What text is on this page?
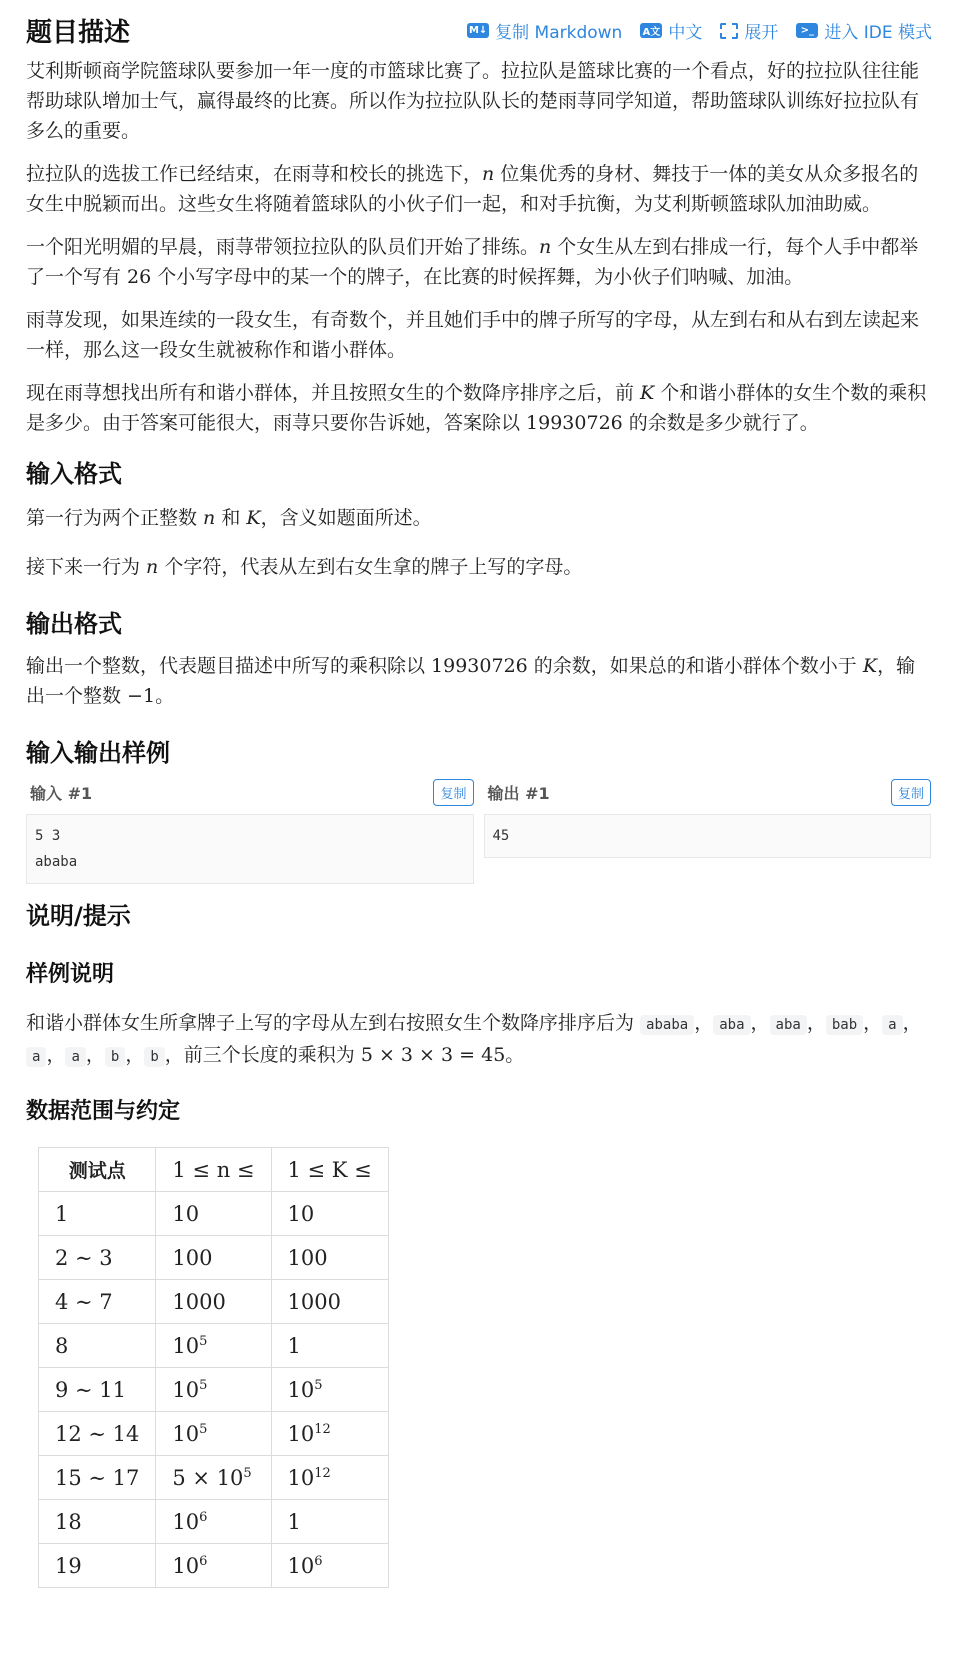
题目描述	M↓ 复制 Markdown A文 中文 展开	>_ 进入 IDE 模式

艾利斯顿商学院篮球队要参加一年一度的市篮球比赛了。拉拉队是篮球比赛的一个看点，好的拉拉队往往能帮助球队增加士气，赢得最终的比赛。所以作为拉拉队队长的楚雨荨同学知道，帮助篮球队训练好拉拉队有多么的重要。

拉拉队的选拔工作已经结束，在雨荨和校长的挑选下，n 位集优秀的身材、舞技于一体的美女从众多报名的女生中脱颖而出。这些女生将随着篮球队的小伙子们一起，和对手抗衡，为艾利斯顿篮球队加油助威。

一个阳光明媚的早晨，雨荨带领拉拉队的队员们开始了排练。n 个女生从左到右排成一行，每个人手中都举了一个写有 26 个小写字母中的某一个的牌子，在比赛的时候挥舞，为小伙子们呐喊、加油。

雨荨发现，如果连续的一段女生，有奇数个，并且她们手中的牌子所写的字母，从左到右和从右到左读起来一样，那么这一段女生就被称作和谐小群体。

现在雨荨想找出所有和谐小群体，并且按照女生的个数降序排序之后，前 K 个和谐小群体的女生个数的乘积是多少。由于答案可能很大，雨荨只要你告诉她，答案除以 19930726 的余数是多少就行了。

输入格式

第一行为两个正整数 n 和 K，含义如题面所述。

接下来一行为 n 个字符，代表从左到右女生拿的牌子上写的字母。

输出格式

输出一个整数，代表题目描述中所写的乘积除以 19930726 的余数，如果总的和谐小群体个数小于 K，输出一个整数 −1。

输入输出样例
输入 #1	复制
5 3
ababa
输出 #1	复制
45
说明/提示
样例说明

和谐小群体女生所拿牌子上写的字母从左到右按照女生个数降序排序后为 ababa ， aba ， aba ， bab ， a ，a ， a ， b ， b ，前三个长度的乘积为 5 × 3 × 3 = 45。

数据范围与约定
测试点	1 ≤ n ≤	1 ≤ K ≤
1	10	10
2 ∼ 3	100	100
4 ∼ 7	1000	1000
8	$10^5$	1
9 ∼ 11	$10^5$	$10^5$
12 ∼ 14	$10^5$	$10^{12}$
15 ∼ 17	$5 \times 10^5$	$10^{12}$
18	$10^6$	1
19	$10^6$	$10^6$
